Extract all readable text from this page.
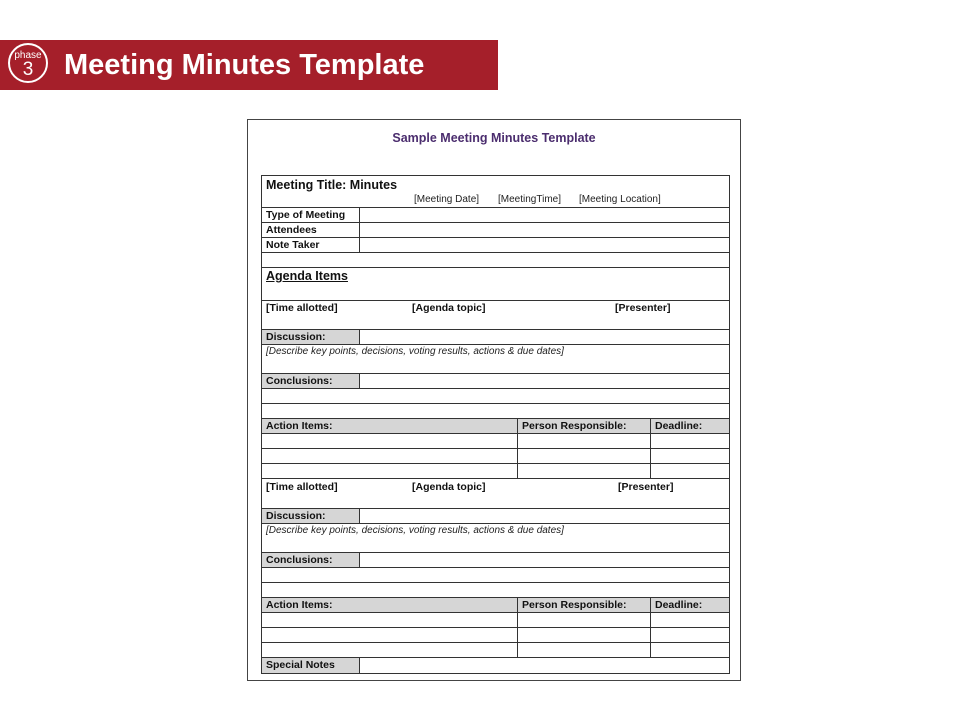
phase
3	Meeting Minutes Template
Sample Meeting Minutes Template
Meeting Title: Minutes
[Meeting Date] [MeetingTime] [Meeting Location]
Type of Meeting
Attendees
Note Taker
Agenda Items
[Time allotted]	[Agenda topic]	[Presenter]
Discussion:
[Describe key points, decisions, voting results, actions & due dates]
Conclusions:
Action Items:	Person Responsible:	Deadline:
[Time allotted]	[Agenda topic]	[Presenter]
Discussion:
[Describe key points, decisions, voting results, actions & due dates]
Conclusions:
Action Items:	Person Responsible:	Deadline:
Special Notes
